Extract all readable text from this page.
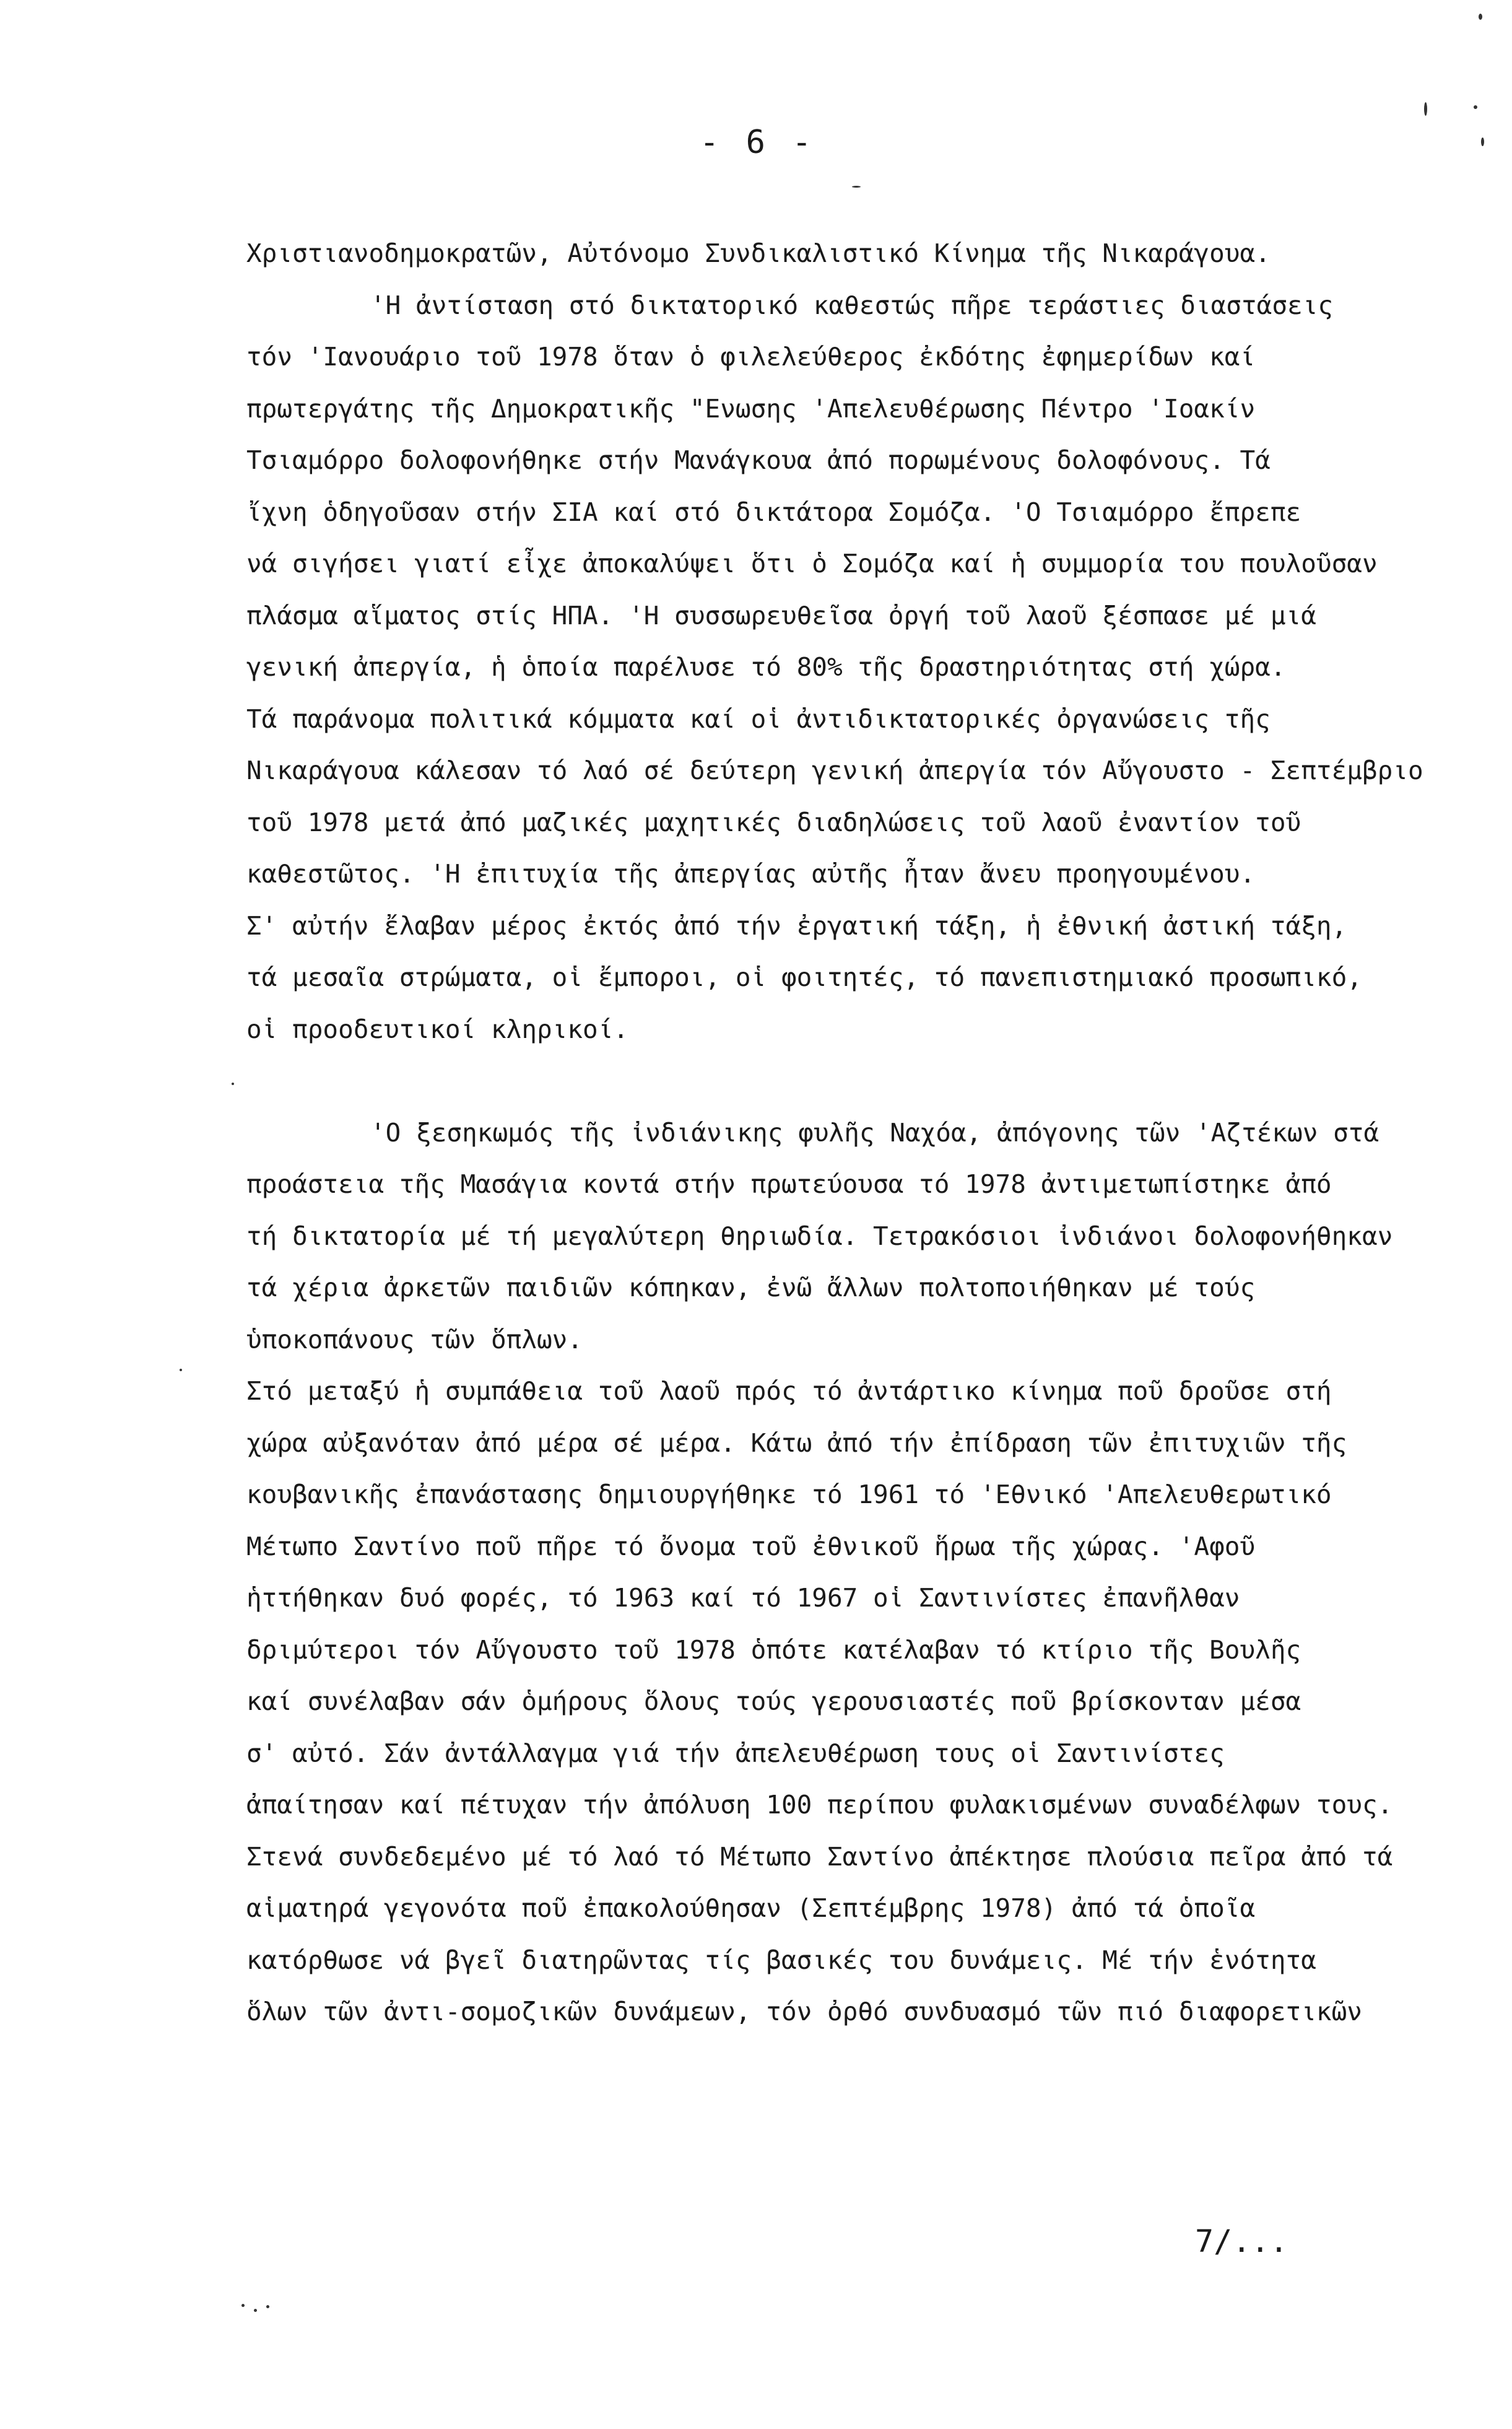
- 6 -
Χριστιανοδημοκρατῶν, Αὐτόνομο Συνδικαλιστικό Κίνημα τῆς Νικαράγουα.
'Η ἀντίσταση στό δικτατορικό καθεστώς πῆρε τεράστιες διαστάσεις
τόν 'Ιανουάριο τοῦ 1978 ὅταν ὁ φιλελεύθερος ἐκδότης ἐφημερίδων καί
πρωτεργάτης τῆς Δημοκρατικῆς "Ενωσης 'Απελευθέρωσης Πέντρο 'Ιοακίν
Τσιαμόρρο δολοφονήθηκε στήν Μανάγκουα ἀπό πορωμένους δολοφόνους. Τά
ἴχνη ὁδηγοῦσαν στήν ΣΙΑ καί στό δικτάτορα Σομόζα. 'Ο Τσιαμόρρο ἔπρεπε
νά σιγήσει γιατί εἶχε ἀποκαλύψει ὅτι ὁ Σομόζα καί ἡ συμμορία του πουλοῦσαν
πλάσμα αἵματος στίς ΗΠΑ. 'Η συσσωρευθεῖσα ὀργή τοῦ λαοῦ ξέσπασε μέ μιά
γενική ἀπεργία, ἡ ὁποία παρέλυσε τό 80% τῆς δραστηριότητας στή χώρα.
Τά παράνομα πολιτικά κόμματα καί οἱ ἀντιδικτατορικές ὀργανώσεις τῆς
Νικαράγουα κάλεσαν τό λαό σέ δεύτερη γενική ἀπεργία τόν Αὔγουστο - Σεπτέμβριο
τοῦ 1978 μετά ἀπό μαζικές μαχητικές διαδηλώσεις τοῦ λαοῦ ἐναντίον τοῦ
καθεστῶτος. 'Η ἐπιτυχία τῆς ἀπεργίας αὐτῆς ἦταν ἄνευ προηγουμένου.
Σ' αὐτήν ἔλαβαν μέρος ἐκτός ἀπό τήν ἐργατική τάξη, ἡ ἐθνική ἀστική τάξη,
τά μεσαῖα στρώματα, οἱ ἔμποροι, οἱ φοιτητές, τό πανεπιστημιακό προσωπικό,
οἱ προοδευτικοί κληρικοί.
'Ο ξεσηκωμός τῆς ἰνδιάνικης φυλῆς Ναχόα, ἀπόγονης τῶν 'Αζτέκων στά
προάστεια τῆς Μασάγια κοντά στήν πρωτεύουσα τό 1978 ἀντιμετωπίστηκε ἀπό
τή δικτατορία μέ τή μεγαλύτερη θηριωδία. Τετρακόσιοι ἰνδιάνοι δολοφονήθηκαν
τά χέρια ἀρκετῶν παιδιῶν κόπηκαν, ἐνῶ ἄλλων πολτοποιήθηκαν μέ τούς
ὑποκοπάνους τῶν ὅπλων.
Στό μεταξύ ἡ συμπάθεια τοῦ λαοῦ πρός τό ἀντάρτικο κίνημα ποῦ δροῦσε στή
χώρα αὐξανόταν ἀπό μέρα σέ μέρα. Κάτω ἀπό τήν ἐπίδραση τῶν ἐπιτυχιῶν τῆς
κουβανικῆς ἐπανάστασης δημιουργήθηκε τό 1961 τό 'Εθνικό 'Απελευθερωτικό
Μέτωπο Σαντίνο ποῦ πῆρε τό ὄνομα τοῦ ἐθνικοῦ ἥρωα τῆς χώρας. 'Αφοῦ
ἡττήθηκαν δυό φορές, τό 1963 καί τό 1967 οἱ Σαντινίστες ἐπανῆλθαν
δριμύτεροι τόν Αὔγουστο τοῦ 1978 ὁπότε κατέλαβαν τό κτίριο τῆς Βουλῆς
καί συνέλαβαν σάν ὁμήρους ὅλους τούς γερουσιαστές ποῦ βρίσκονταν μέσα
σ' αὐτό. Σάν ἀντάλλαγμα γιά τήν ἀπελευθέρωση τους οἱ Σαντινίστες
ἀπαίτησαν καί πέτυχαν τήν ἀπόλυση 100 περίπου φυλακισμένων συναδέλφων τους.
Στενά συνδεδεμένο μέ τό λαό τό Μέτωπο Σαντίνο ἀπέκτησε πλούσια πεῖρα ἀπό τά
αἱματηρά γεγονότα ποῦ ἐπακολούθησαν (Σεπτέμβρης 1978) ἀπό τά ὁποῖα
κατόρθωσε νά βγεῖ διατηρῶντας τίς βασικές του δυνάμεις. Μέ τήν ἑνότητα
ὅλων τῶν ἀντι-σομοζικῶν δυνάμεων, τόν ὀρθό συνδυασμό τῶν πιό διαφορετικῶν
7/...
